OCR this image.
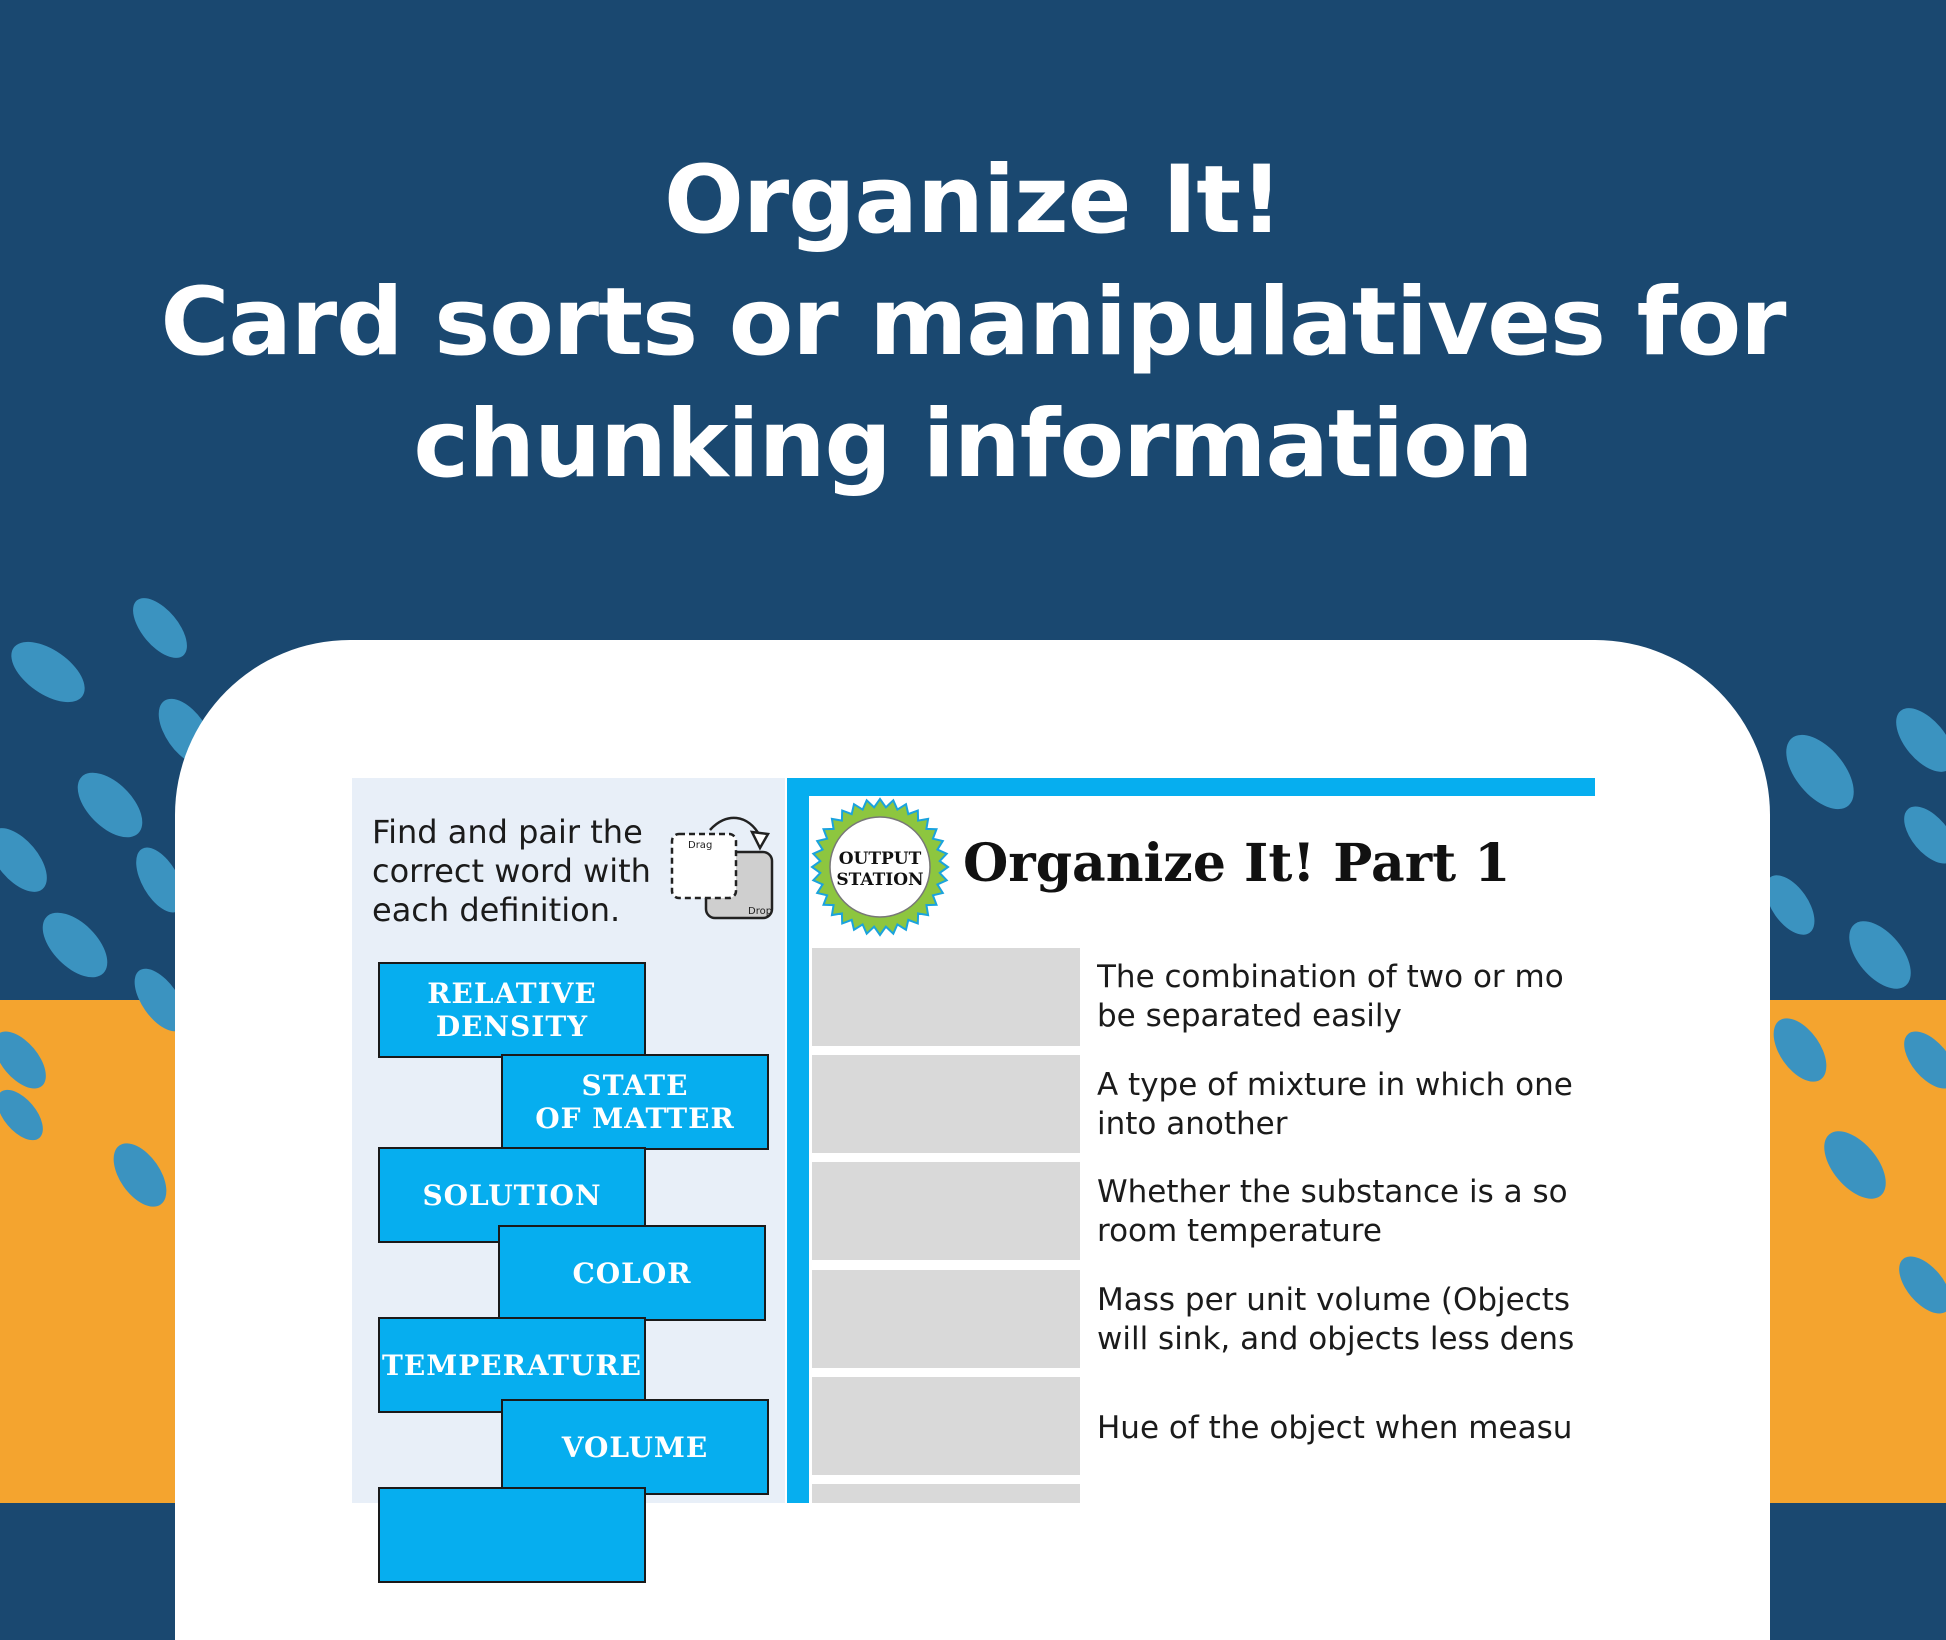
Organize It!
Card sorts or manipulatives for
chunking information
Find and pair the correct word with each definition.
Drag
Drop
RELATIVE
DENSITY
STATE
OF MATTER
SOLUTION
COLOR
TEMPERATURE
VOLUME
OUTPUT
STATION Organize It! Part 1
The combination of two or mo
be separated easily
A type of mixture in which one
into another
Whether the substance is a so
room temperature
Mass per unit volume (Objects
will sink, and objects less dens
Hue of the object when measu
